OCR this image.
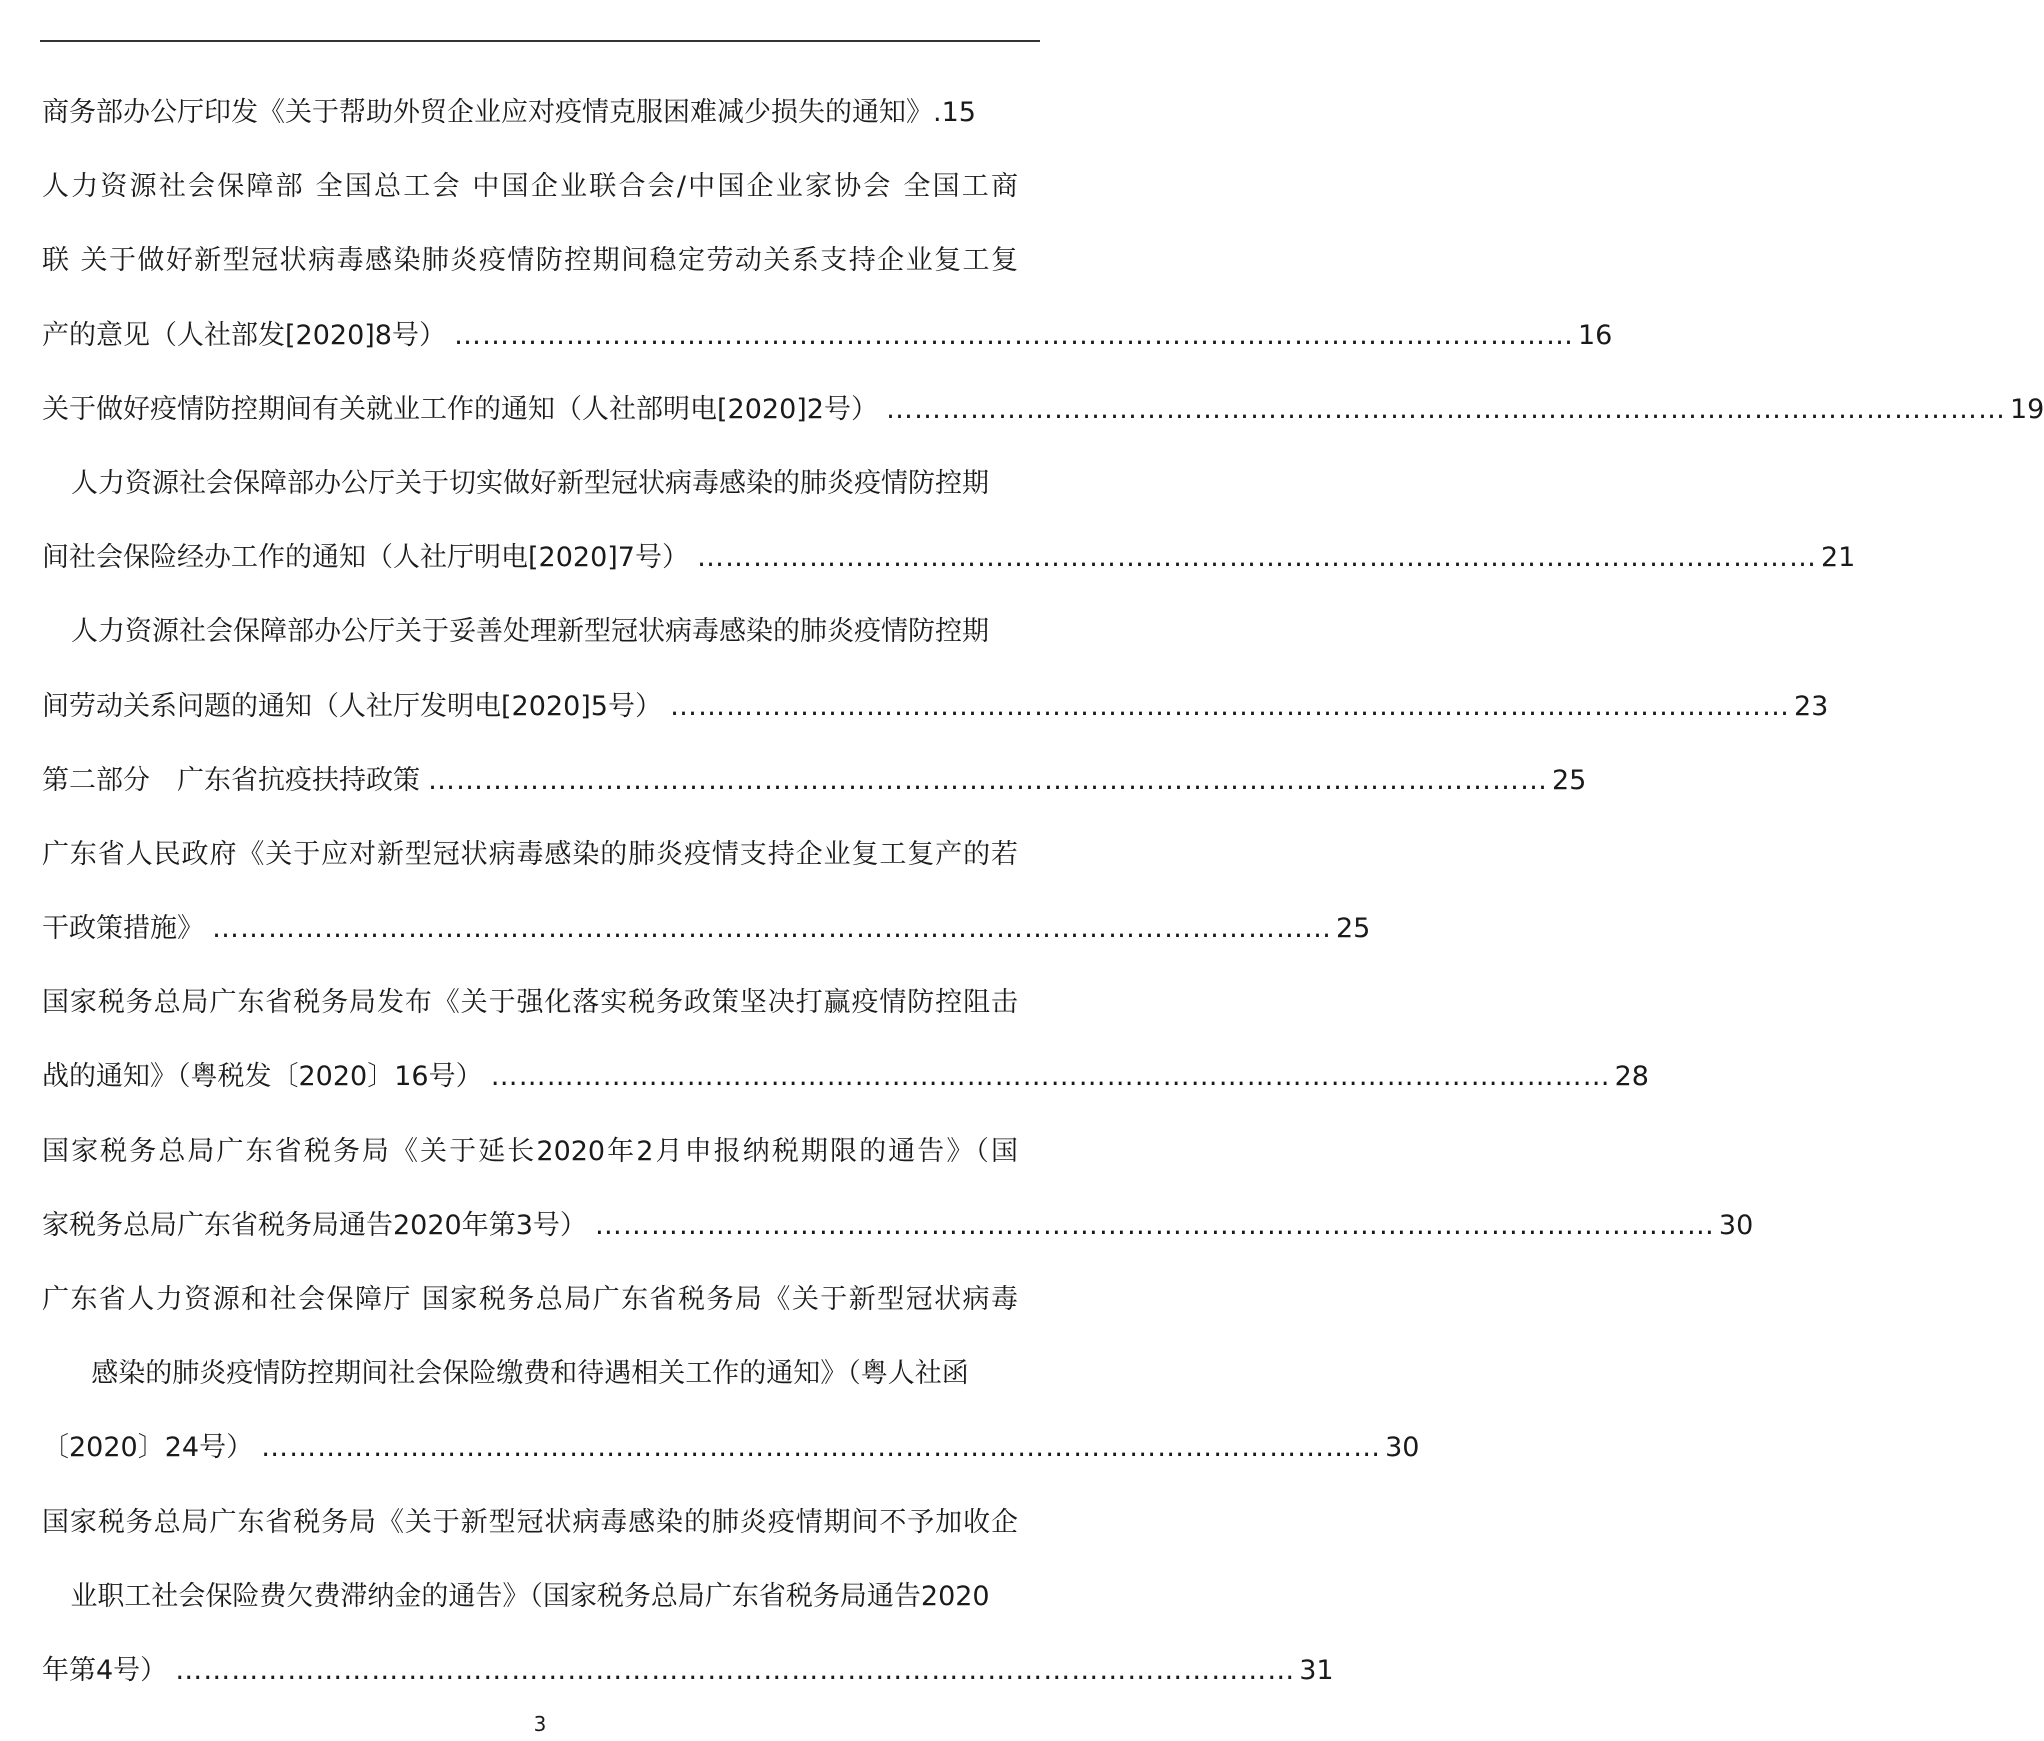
商务部办公厅印发《关于帮助外贸企业应对疫情克服困难减少损失的通知》 .15
人力资源社会保障部 全国总工会 中国企业联合会/中国企业家协会 全国工商
联 关于做好新型冠状病毒感染肺炎疫情防控期间稳定劳动关系支持企业复工复
产的意见（人社部发[2020]8号） ………………………………………………………………………………………………………… 16
关于做好疫情防控期间有关就业工作的通知（人社部明电[2020]2号） ………………………………………………………………………………………………………… 19
人力资源社会保障部办公厅关于切实做好新型冠状病毒感染的肺炎疫情防控期
间社会保险经办工作的通知（人社厅明电[2020]7号） ………………………………………………………………………………………………………… 21
人力资源社会保障部办公厅关于妥善处理新型冠状病毒感染的肺炎疫情防控期
间劳动关系问题的通知（人社厅发明电[2020]5号） ………………………………………………………………………………………………………… 23
第二部分　广东省抗疫扶持政策 ………………………………………………………………………………………………………… 25
广东省人民政府《关于应对新型冠状病毒感染的肺炎疫情支持企业复工复产的若
干政策措施》 ………………………………………………………………………………………………………… 25
国家税务总局广东省税务局发布《关于强化落实税务政策坚决打赢疫情防控阻击
战的通知》（粤税发〔2020〕16号） ………………………………………………………………………………………………………… 28
国家税务总局广东省税务局《关于延长2020年2月申报纳税期限的通告》（国
家税务总局广东省税务局通告2020年第3号） ………………………………………………………………………………………………………… 30
广东省人力资源和社会保障厅 国家税务总局广东省税务局《关于新型冠状病毒
感染的肺炎疫情防控期间社会保险缴费和待遇相关工作的通知》（粤人社函
〔2020〕24号） ………………………………………………………………………………………………………… 30
国家税务总局广东省税务局《关于新型冠状病毒感染的肺炎疫情期间不予加收企
业职工社会保险费欠费滞纳金的通告》（国家税务总局广东省税务局通告2020
年第4号） ………………………………………………………………………………………………………… 31
3
